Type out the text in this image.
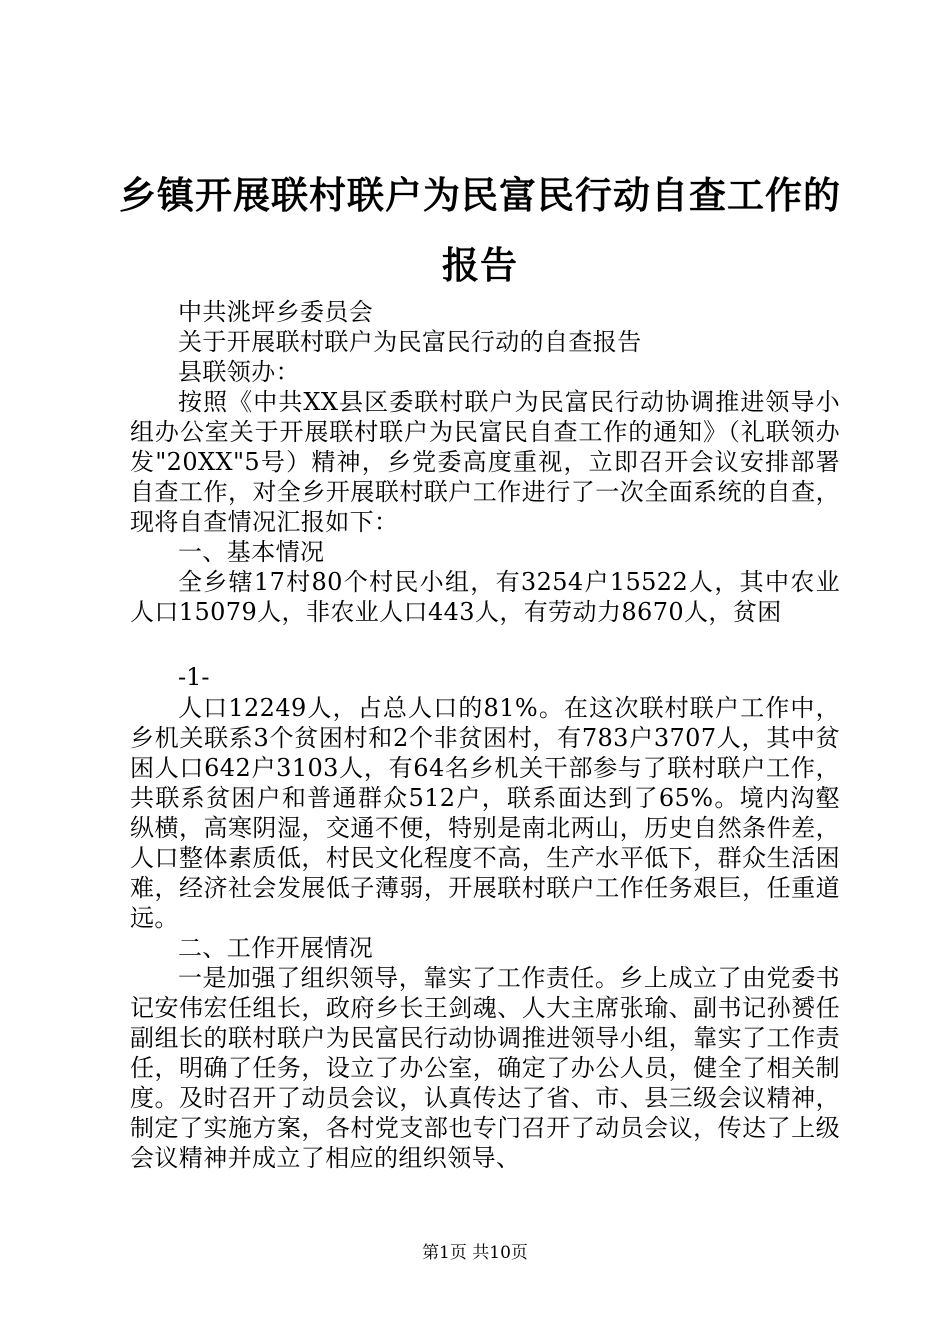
乡镇开展联村联户为民富民行动自查工作的报告

中共洮坪乡委员会

关于开展联村联户为民富民行动的自查报告

县联领办：

按照《中共XX县区委联村联户为民富民行动协调推进领导小组办公室关于开展联村联户为民富民自查工作的通知》（礼联领办发"20XX"5号）精神，乡党委高度重视，立即召开会议安排部署自查工作，对全乡开展联村联户工作进行了一次全面系统的自查，现将自查情况汇报如下：

一、基本情况

全乡辖17村80个村民小组，有3254户15522人，其中农业人口15079人，非农业人口443人，有劳动力8670人，贫困

-1-

人口12249人，占总人口的81%。在这次联村联户工作中，乡机关联系3个贫困村和2个非贫困村，有783户3707人，其中贫困人口642户3103人，有64名乡机关干部参与了联村联户工作，共联系贫困户和普通群众512户，联系面达到了65%。境内沟壑纵横，高寒阴湿，交通不便，特别是南北两山，历史自然条件差，人口整体素质低，村民文化程度不高，生产水平低下，群众生活困难，经济社会发展低子薄弱，开展联村联户工作任务艰巨，任重道远。

二、工作开展情况

一是加强了组织领导，靠实了工作责任。乡上成立了由党委书记安伟宏任组长，政府乡长王剑魂、人大主席张瑜、副书记孙赟任副组长的联村联户为民富民行动协调推进领导小组，靠实了工作责任，明确了任务，设立了办公室，确定了办公人员，健全了相关制度。及时召开了动员会议，认真传达了省、市、县三级会议精神，制定了实施方案，各村党支部也专门召开了动员会议，传达了上级会议精神并成立了相应的组织领导、

第1页 共10页
